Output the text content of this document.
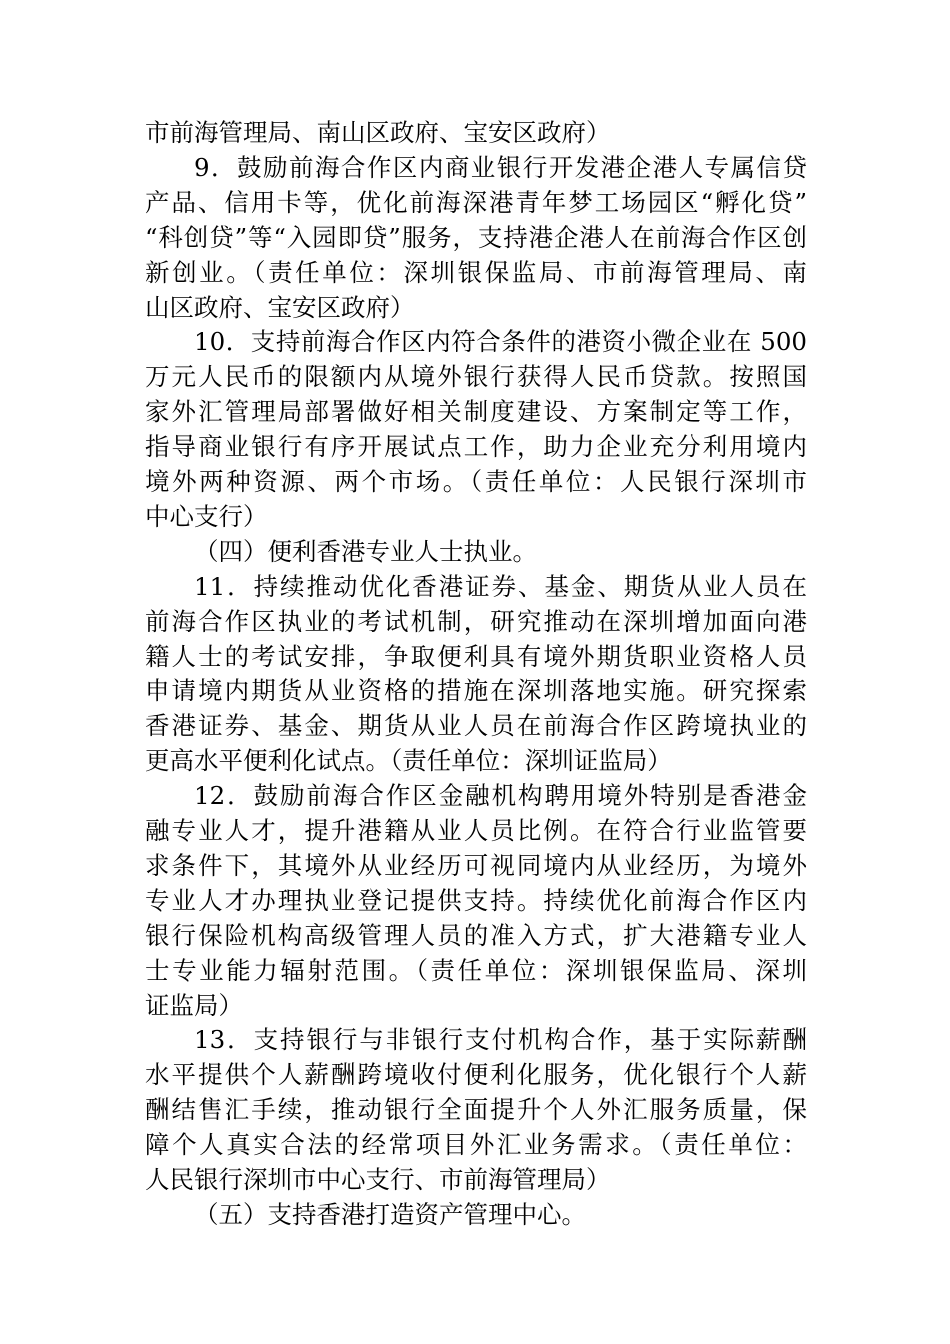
市前海管理局、南山区政府、宝安区政府）
9．鼓励前海合作区内商业银行开发港企港人专属信贷
产品、信用卡等，优化前海深港青年梦工场园区“孵化贷”
“科创贷”等“入园即贷”服务，支持港企港人在前海合作区创
新创业。（责任单位：深圳银保监局、市前海管理局、南
山区政府、宝安区政府）
10．支持前海合作区内符合条件的港资小微企业在 500
万元人民币的限额内从境外银行获得人民币贷款。按照国
家外汇管理局部署做好相关制度建设、方案制定等工作，
指导商业银行有序开展试点工作，助力企业充分利用境内
境外两种资源、两个市场。（责任单位：人民银行深圳市
中心支行）
（四）便利香港专业人士执业。
11．持续推动优化香港证券、基金、期货从业人员在
前海合作区执业的考试机制，研究推动在深圳增加面向港
籍人士的考试安排，争取便利具有境外期货职业资格人员
申请境内期货从业资格的措施在深圳落地实施。研究探索
香港证券、基金、期货从业人员在前海合作区跨境执业的
更高水平便利化试点。（责任单位：深圳证监局）
12．鼓励前海合作区金融机构聘用境外特别是香港金
融专业人才，提升港籍从业人员比例。在符合行业监管要
求条件下，其境外从业经历可视同境内从业经历，为境外
专业人才办理执业登记提供支持。持续优化前海合作区内
银行保险机构高级管理人员的准入方式，扩大港籍专业人
士专业能力辐射范围。（责任单位：深圳银保监局、深圳
证监局）
13．支持银行与非银行支付机构合作，基于实际薪酬
水平提供个人薪酬跨境收付便利化服务，优化银行个人薪
酬结售汇手续，推动银行全面提升个人外汇服务质量，保
障个人真实合法的经常项目外汇业务需求。（责任单位：
人民银行深圳市中心支行、市前海管理局）
（五）支持香港打造资产管理中心。
